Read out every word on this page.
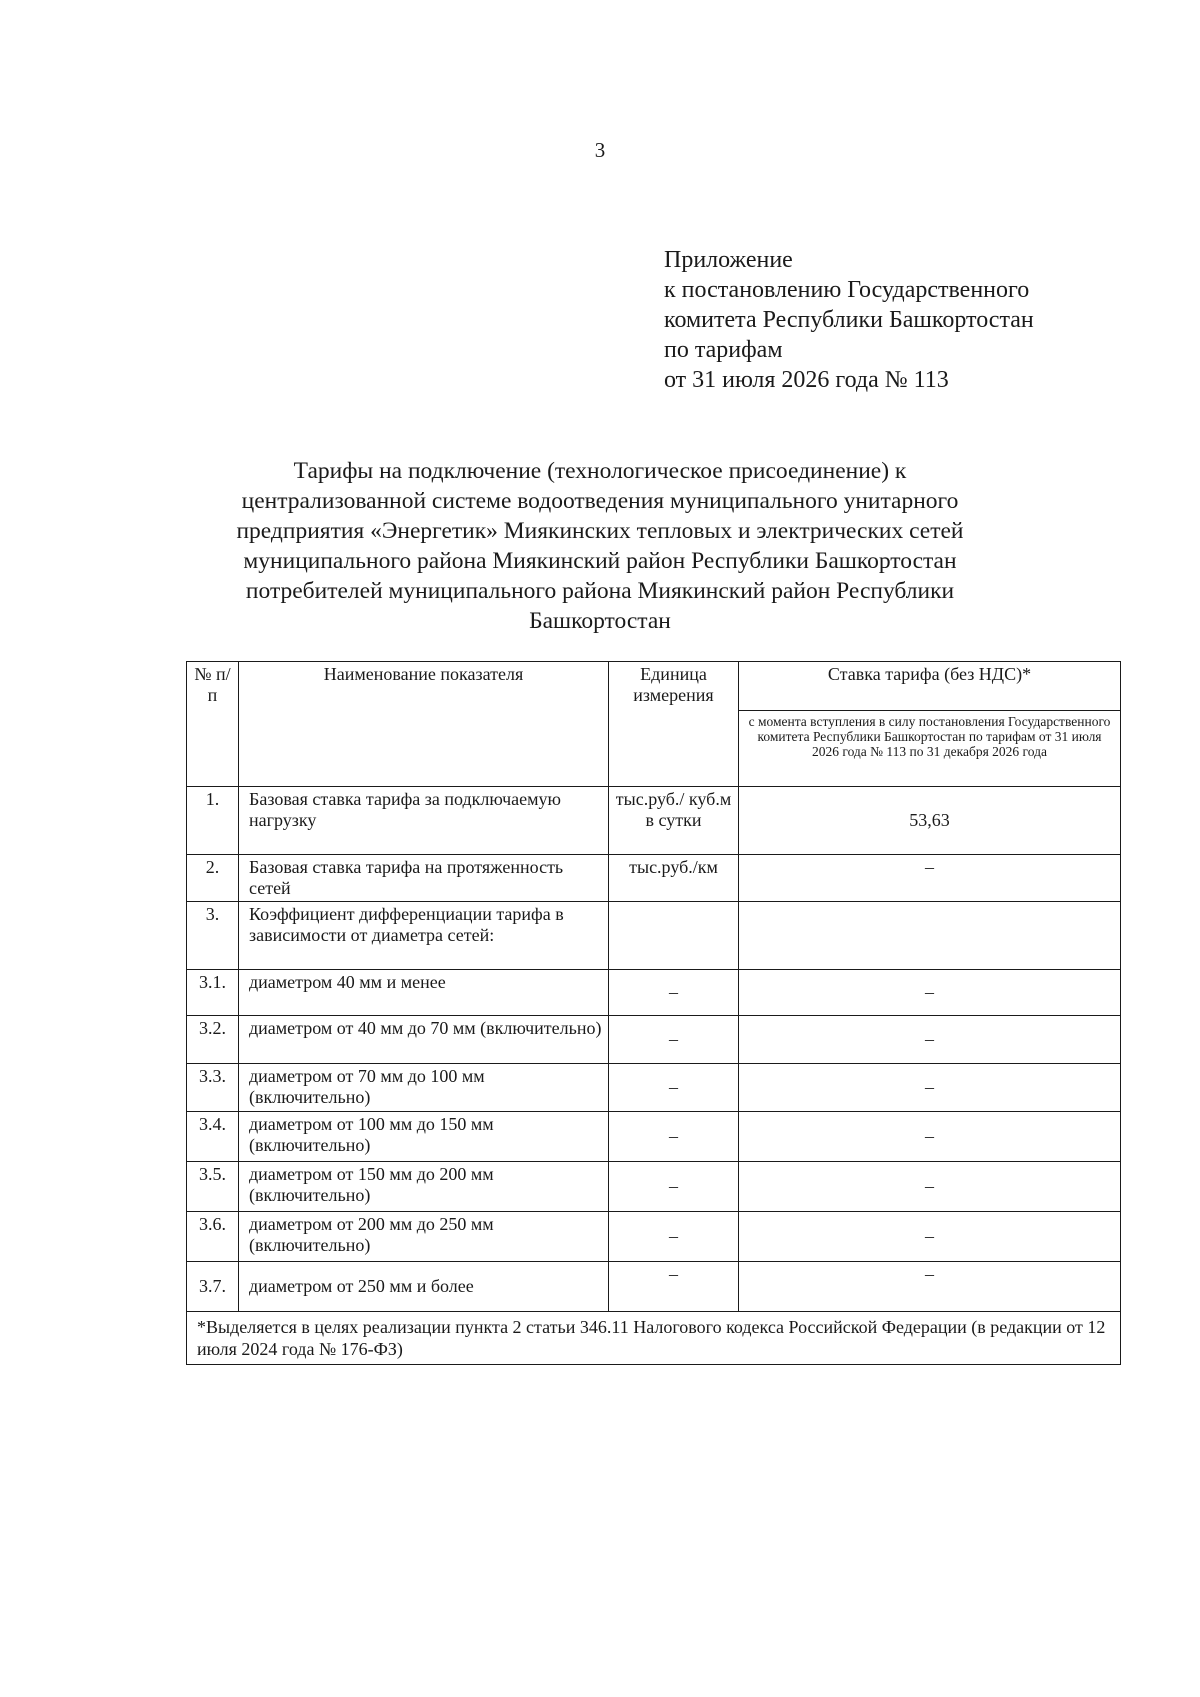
3
Приложение
к постановлению Государственного
комитета Республики Башкортостан
по тарифам
от 31 июля 2026 года № 113
Тарифы на подключение (технологическое присоединение) к
централизованной системе водоотведения муниципального унитарного
предприятия «Энергетик» Миякинских тепловых и электрических сетей
муниципального района Миякинский район Республики Башкортостан
потребителей муниципального района Миякинский район Республики
Башкортостан
№ п/п	Наименование показателя	Единица измерения	Ставка тарифа (без НДС)*
			с момента вступления в силу постановления Государственного комитета Республики Башкортостан по тарифам от 31 июля 2026 года № 113 по 31 декабря 2026 года
1.	Базовая ставка тарифа за подключаемую нагрузку	тыс.руб./ куб.м в сутки	53,63
2.	Базовая ставка тарифа на протяженность сетей	тыс.руб./км	–
3.	Коэффициент дифференциации тарифа в зависимости от диаметра сетей:		
3.1.	диаметром 40 мм и менее	–	–
3.2.	диаметром от 40 мм до 70 мм (включительно)	–	–
3.3.	диаметром от 70 мм до 100 мм (включительно)	–	–
3.4.	диаметром от 100 мм до 150 мм (включительно)	–	–
3.5.	диаметром от 150 мм до 200 мм (включительно)	–	–
3.6.	диаметром от 200 мм до 250 мм (включительно)	–	–
3.7.	диаметром от 250 мм и более	–	–
*Выделяется в целях реализации пункта 2 статьи 346.11 Налогового кодекса Российской Федерации (в редакции от 12 июля 2024 года № 176-ФЗ)			
